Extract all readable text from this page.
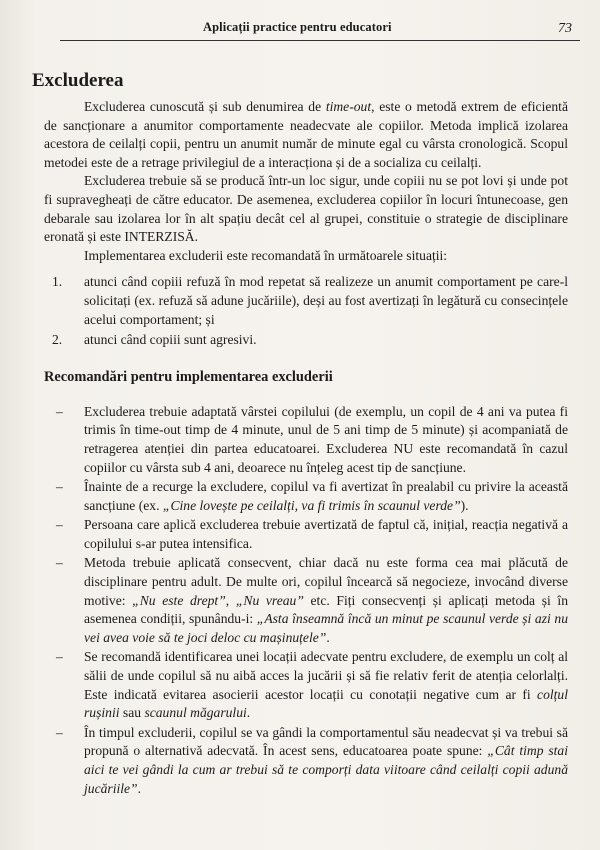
Aplicații practice pentru educatori	73
Excluderea

Excluderea cunoscută și sub denumirea de time-out, este o metodă extrem de eficientă de sancționare a anumitor comportamente neadecvate ale copiilor. Metoda implică izolarea acestora de ceilalți copii, pentru un anumit număr de minute egal cu vârsta cronologică. Scopul metodei este de a retrage privilegiul de a interacționa și de a socializa cu ceilalți.

Excluderea trebuie să se producă într-un loc sigur, unde copiii nu se pot lovi și unde pot fi supravegheați de către educator. De asemenea, excluderea copiilor în locuri întunecoase, gen debarale sau izolarea lor în alt spațiu decât cel al grupei, constituie o strategie de disciplinare eronată și este INTERZISĂ.

Implementarea excluderii este recomandată în următoarele situații:

1. atunci când copiii refuză în mod repetat să realizeze un anumit comportament pe care-l solicitați (ex. refuză să adune jucăriile), deși au fost avertizați în legătură cu consecințele acelui comportament; și
2. atunci când copiii sunt agresivi.
Recomandări pentru implementarea excluderii
– Excluderea trebuie adaptată vârstei copilului (de exemplu, un copil de 4 ani va putea fi trimis în time-out timp de 4 minute, unul de 5 ani timp de 5 minute) și acompaniată de retragerea atenției din partea educatoarei. Excluderea NU este recomandată în cazul copiilor cu vârsta sub 4 ani, deoarece nu înțeleg acest tip de sancțiune.
– Înainte de a recurge la excludere, copilul va fi avertizat în prealabil cu privire la această sancțiune (ex. „Cine lovește pe ceilalți, va fi trimis în scaunul verde”).
– Persoana care aplică excluderea trebuie avertizată de faptul că, inițial, reacția negativă a copilului s-ar putea intensifica.
– Metoda trebuie aplicată consecvent, chiar dacă nu este forma cea mai plăcută de disciplinare pentru adult. De multe ori, copilul încearcă să negocieze, invocând diverse motive: „Nu este drept”, „Nu vreau” etc. Fiți consecvenți și aplicați metoda și în asemenea condiții, spunându-i: „Asta înseamnă încă un minut pe scaunul verde și azi nu vei avea voie să te joci deloc cu mașinuțele”.
– Se recomandă identificarea unei locații adecvate pentru excludere, de exemplu un colț al sălii de unde copilul să nu aibă acces la jucării și să fie relativ ferit de atenția celorlalți. Este indicată evitarea asocierii acestor locații cu conotații negative cum ar fi colțul rușinii sau scaunul măgarului.
– În timpul excluderii, copilul se va gândi la comportamentul său neadecvat și va trebui să propună o alternativă adecvată. În acest sens, educatoarea poate spune: „Cât timp stai aici te vei gândi la cum ar trebui să te comporți data viitoare când ceilalți copii adună jucăriile”.
